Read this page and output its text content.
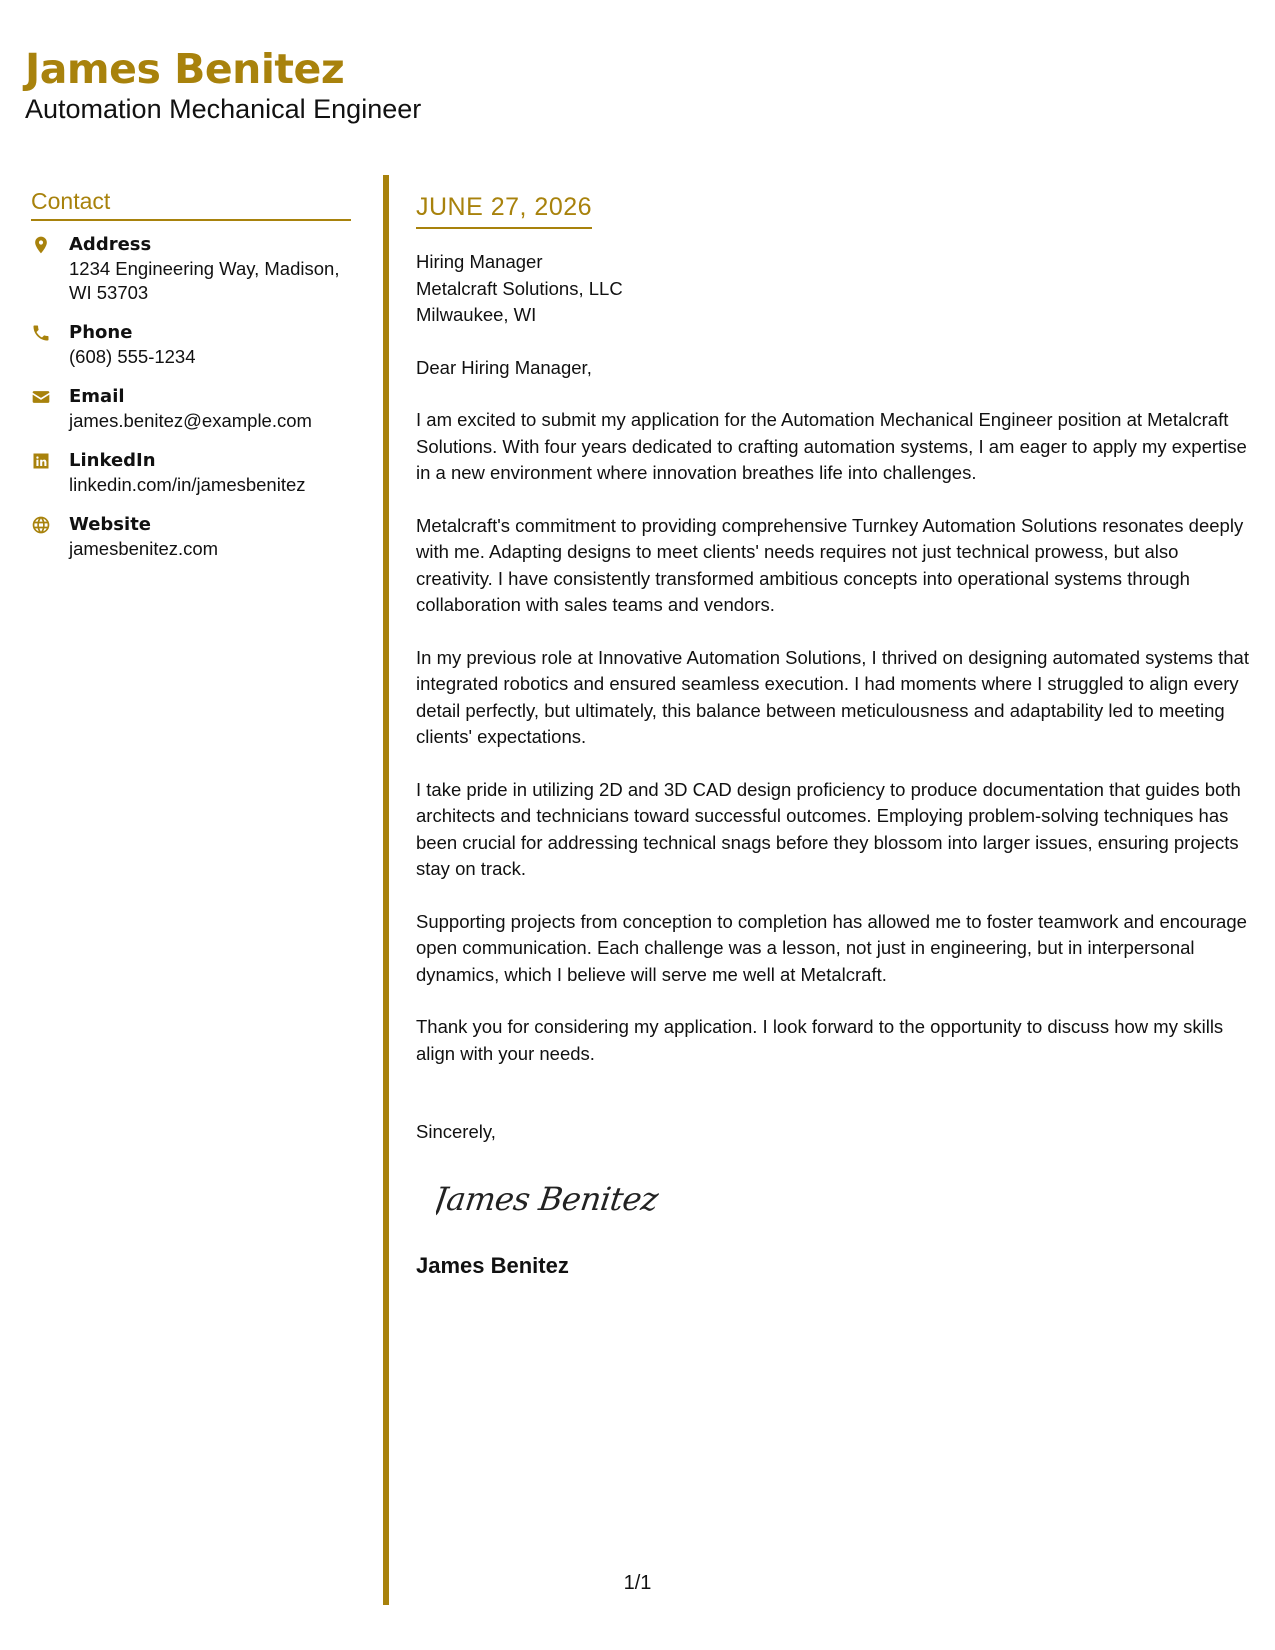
James Benitez
Automation Mechanical Engineer
Contact
Address
1234 Engineering Way, Madison, WI 53703
Phone
(608) 555-1234
Email
james.benitez@example.com
LinkedIn
linkedin.com/in/jamesbenitez
Website
jamesbenitez.com
JUNE 27, 2026
Hiring Manager
Metalcraft Solutions, LLC
Milwaukee, WI
Dear Hiring Manager,
I am excited to submit my application for the Automation Mechanical Engineer position at Metalcraft Solutions. With four years dedicated to crafting automation systems, I am eager to apply my expertise in a new environment where innovation breathes life into challenges.
Metalcraft's commitment to providing comprehensive Turnkey Automation Solutions resonates deeply with me. Adapting designs to meet clients' needs requires not just technical prowess, but also creativity. I have consistently transformed ambitious concepts into operational systems through collaboration with sales teams and vendors.
In my previous role at Innovative Automation Solutions, I thrived on designing automated systems that integrated robotics and ensured seamless execution. I had moments where I struggled to align every detail perfectly, but ultimately, this balance between meticulousness and adaptability led to meeting clients' expectations.
I take pride in utilizing 2D and 3D CAD design proficiency to produce documentation that guides both architects and technicians toward successful outcomes. Employing problem-solving techniques has been crucial for addressing technical snags before they blossom into larger issues, ensuring projects stay on track.
Supporting projects from conception to completion has allowed me to foster teamwork and encourage open communication. Each challenge was a lesson, not just in engineering, but in interpersonal dynamics, which I believe will serve me well at Metalcraft.
Thank you for considering my application. I look forward to the opportunity to discuss how my skills align with your needs.
Sincerely,
James Benitez
James Benitez
1/1
